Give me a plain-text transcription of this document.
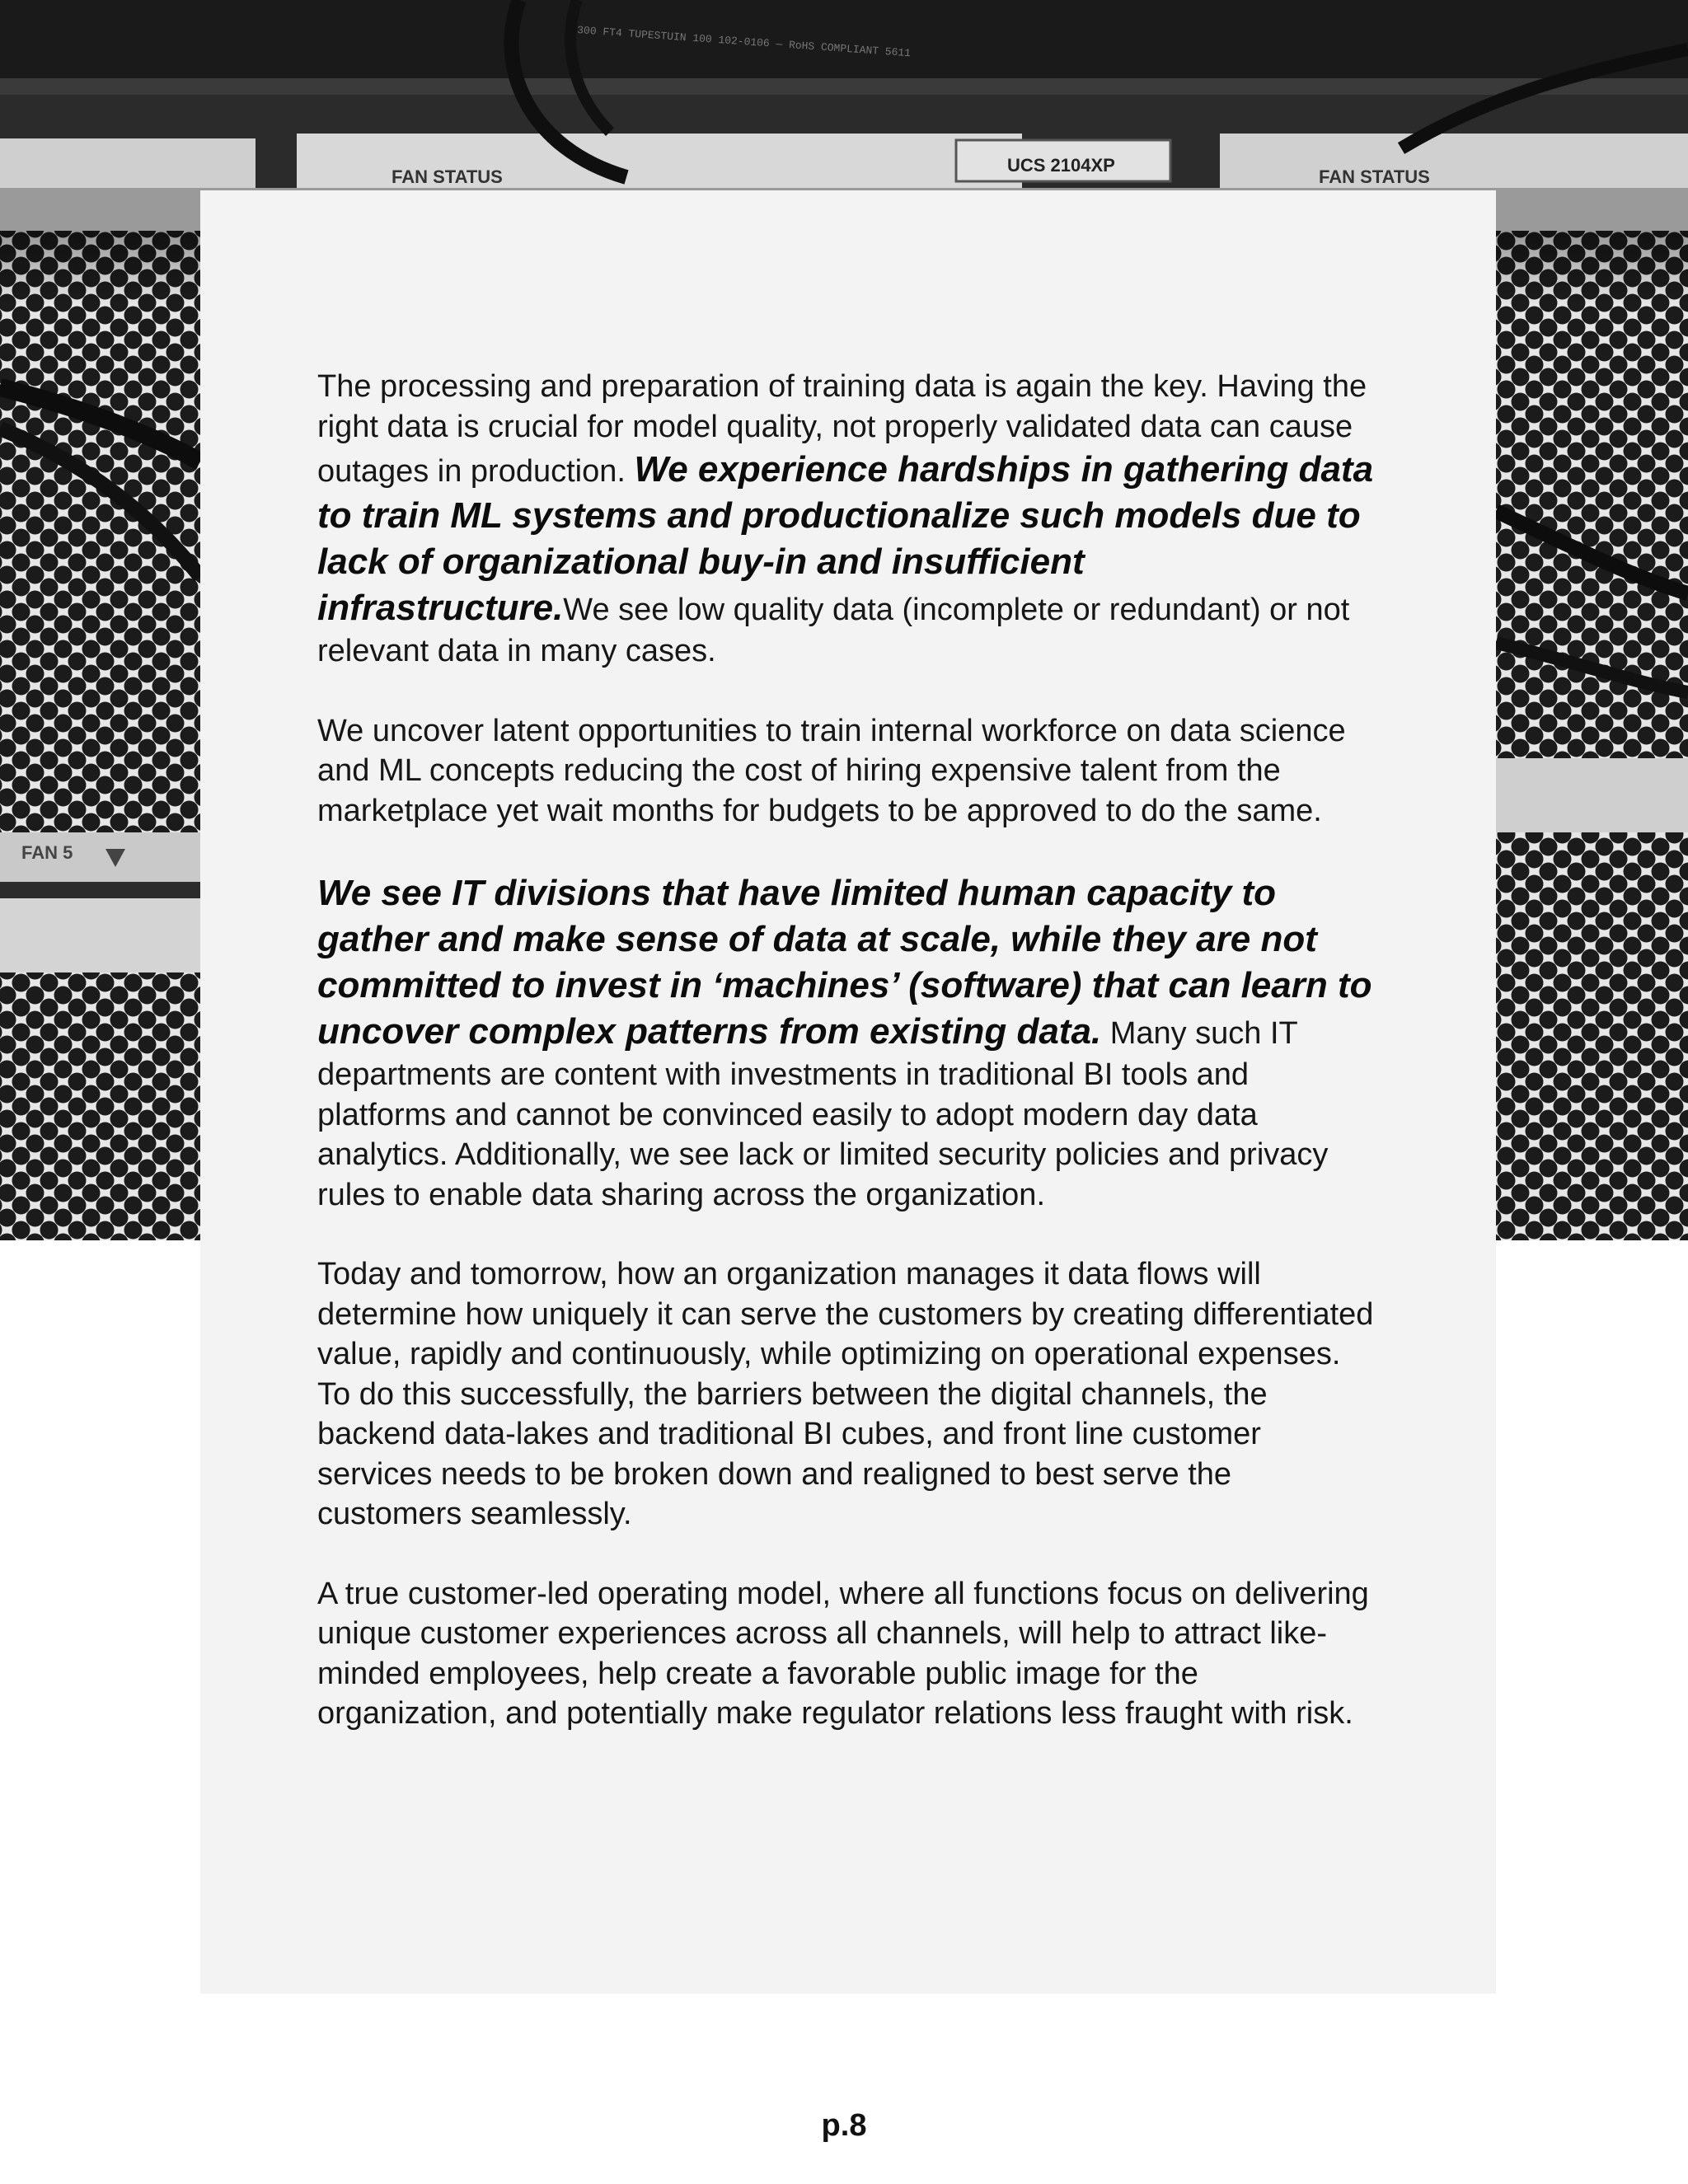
FAN STATUS
UCS 2104XP
FAN STATUS
FAN 5
300 FT4 TUPESTUIN 100 102-0106 — RoHS COMPLIANT 5611

The processing and preparation of training data is again the key. Having the right data is crucial for model quality, not properly validated data can cause outages in production. We experience hardships in gathering data to train ML systems and productionalize such models due to lack of organizational buy-in and insufficient infrastructure.We see low quality data (incomplete or redundant) or not relevant data in many cases.

We uncover latent opportunities to train internal workforce on data science and ML concepts reducing the cost of hiring expensive talent from the marketplace yet wait months for budgets to be approved to do the same.

We see IT divisions that have limited human capacity to gather and make sense of data at scale, while they are not committed to invest in ‘machines’ (software) that can learn to uncover complex patterns from existing data. Many such IT departments are content with investments in traditional BI tools and platforms and cannot be convinced easily to adopt modern day data analytics. Additionally, we see lack or limited security policies and privacy rules to enable data sharing across the organization.

Today and tomorrow, how an organization manages it data flows will determine how uniquely it can serve the customers by creating differentiated value, rapidly and continuously, while optimizing on operational expenses. To do this successfully, the barriers between the digital channels, the backend data-lakes and traditional BI cubes, and front line customer services needs to be broken down and realigned to best serve the customers seamlessly.

A true customer-led operating model, where all functions focus on delivering unique customer experiences across all channels, will help to attract like-minded employees, help create a favorable public image for the organization, and potentially make regulator relations less fraught with risk.

p.8
